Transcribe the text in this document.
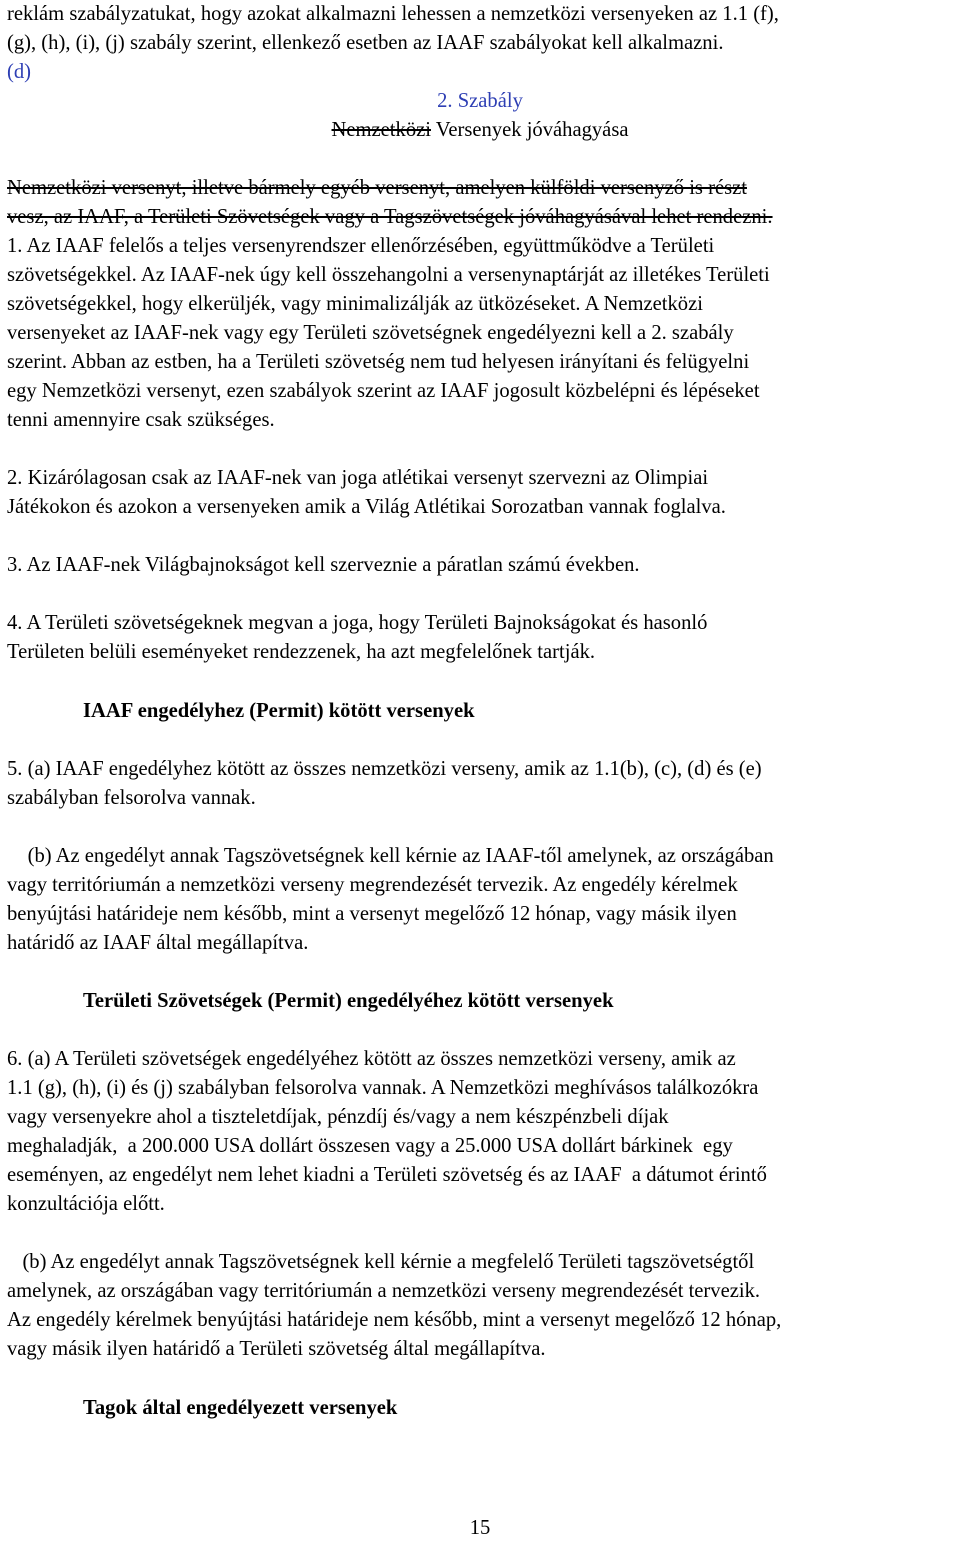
reklám szabályzatukat, hogy azokat alkalmazni lehessen a nemzetközi versenyeken az 1.1 (f),
(g), (h), (i), (j) szabály szerint, ellenkező esetben az IAAF szabályokat kell alkalmazni.
(d)
2. Szabály
Nemzetközi Versenyek jóváhagyása
Nemzetközi versenyt, illetve bármely egyéb versenyt, amelyen külföldi versenyző is részt
vesz, az IAAF, a Területi Szövetségek vagy a Tagszövetségek jóváhagyásával lehet rendezni.
1. Az IAAF felelős a teljes versenyrendszer ellenőrzésében, együttműködve a Területi
szövetségekkel. Az IAAF-nek úgy kell összehangolni a versenynaptárját az illetékes Területi
szövetségekkel, hogy elkerüljék, vagy minimalizálják az ütközéseket. A Nemzetközi
versenyeket az IAAF-nek vagy egy Területi szövetségnek engedélyezni kell a 2. szabály
szerint. Abban az estben, ha a Területi szövetség nem tud helyesen irányítani és felügyelni
egy Nemzetközi versenyt, ezen szabályok szerint az IAAF jogosult közbelépni és lépéseket
tenni amennyire csak szükséges.
2. Kizárólagosan csak az IAAF-nek van joga atlétikai versenyt szervezni az Olimpiai
Játékokon és azokon a versenyeken amik a Világ Atlétikai Sorozatban vannak foglalva.
3. Az IAAF-nek Világbajnokságot kell szerveznie a páratlan számú években.
4. A Területi szövetségeknek megvan a joga, hogy Területi Bajnokságokat és hasonló
Területen belüli eseményeket rendezzenek, ha azt megfelelőnek tartják.
IAAF engedélyhez (Permit) kötött versenyek
5. (a) IAAF engedélyhez kötött az összes nemzetközi verseny, amik az 1.1(b), (c), (d) és (e)
szabályban felsorolva vannak.
(b) Az engedélyt annak Tagszövetségnek kell kérnie az IAAF-től amelynek, az országában
vagy territóriumán a nemzetközi verseny megrendezését tervezik. Az engedély kérelmek
benyújtási határideje nem később, mint a versenyt megelőző 12 hónap, vagy másik ilyen
határidő az IAAF által megállapítva.
Területi Szövetségek (Permit) engedélyéhez kötött versenyek
6. (a) A Területi szövetségek engedélyéhez kötött az összes nemzetközi verseny, amik az
1.1 (g), (h), (i) és (j) szabályban felsorolva vannak. A Nemzetközi meghívásos találkozókra
vagy versenyekre ahol a tiszteletdíjak, pénzdíj és/vagy a nem készpénzbeli díjak
meghaladják,  a 200.000 USA dollárt összesen vagy a 25.000 USA dollárt bárkinek  egy
eseményen, az engedélyt nem lehet kiadni a Területi szövetség és az IAAF  a dátumot érintő
konzultációja előtt.
(b) Az engedélyt annak Tagszövetségnek kell kérnie a megfelelő Területi tagszövetségtől
amelynek, az országában vagy territóriumán a nemzetközi verseny megrendezését tervezik.
Az engedély kérelmek benyújtási határideje nem később, mint a versenyt megelőző 12 hónap,
vagy másik ilyen határidő a Területi szövetség által megállapítva.
Tagok által engedélyezett versenyek
15
